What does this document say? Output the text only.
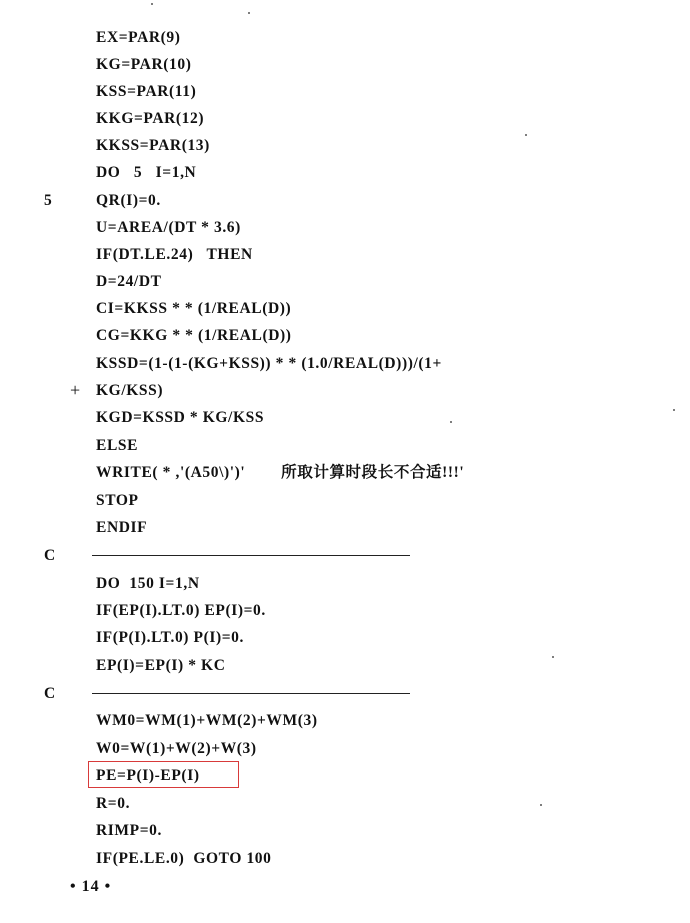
EX=PAR(9)
KG=PAR(10)
KSS=PAR(11)
KKG=PAR(12)
KKSS=PAR(13)
DO   5   I=1,N
5	QR(I)=0.
U=AREA/(DT * 3.6)
IF(DT.LE.24)   THEN
D=24/DT
CI=KKSS * * (1/REAL(D))
CG=KKG * * (1/REAL(D))
KSSD=(1-(1-(KG+KSS)) * * (1.0/REAL(D)))/(1+
+	KG/KSS)
KGD=KSSD * KG/KSS
ELSE
WRITE( * ,'(A50\)')'        所取计算时段长不合适!!!'
STOP
ENDIF
C
DO  150 I=1,N
IF(EP(I).LT.0) EP(I)=0.
IF(P(I).LT.0) P(I)=0.
EP(I)=EP(I) * KC
C
WM0=WM(1)+WM(2)+WM(3)
W0=W(1)+W(2)+W(3)
PE=P(I)-EP(I)
R=0.
RIMP=0.
IF(PE.LE.0)  GOTO 100
• 14 •
